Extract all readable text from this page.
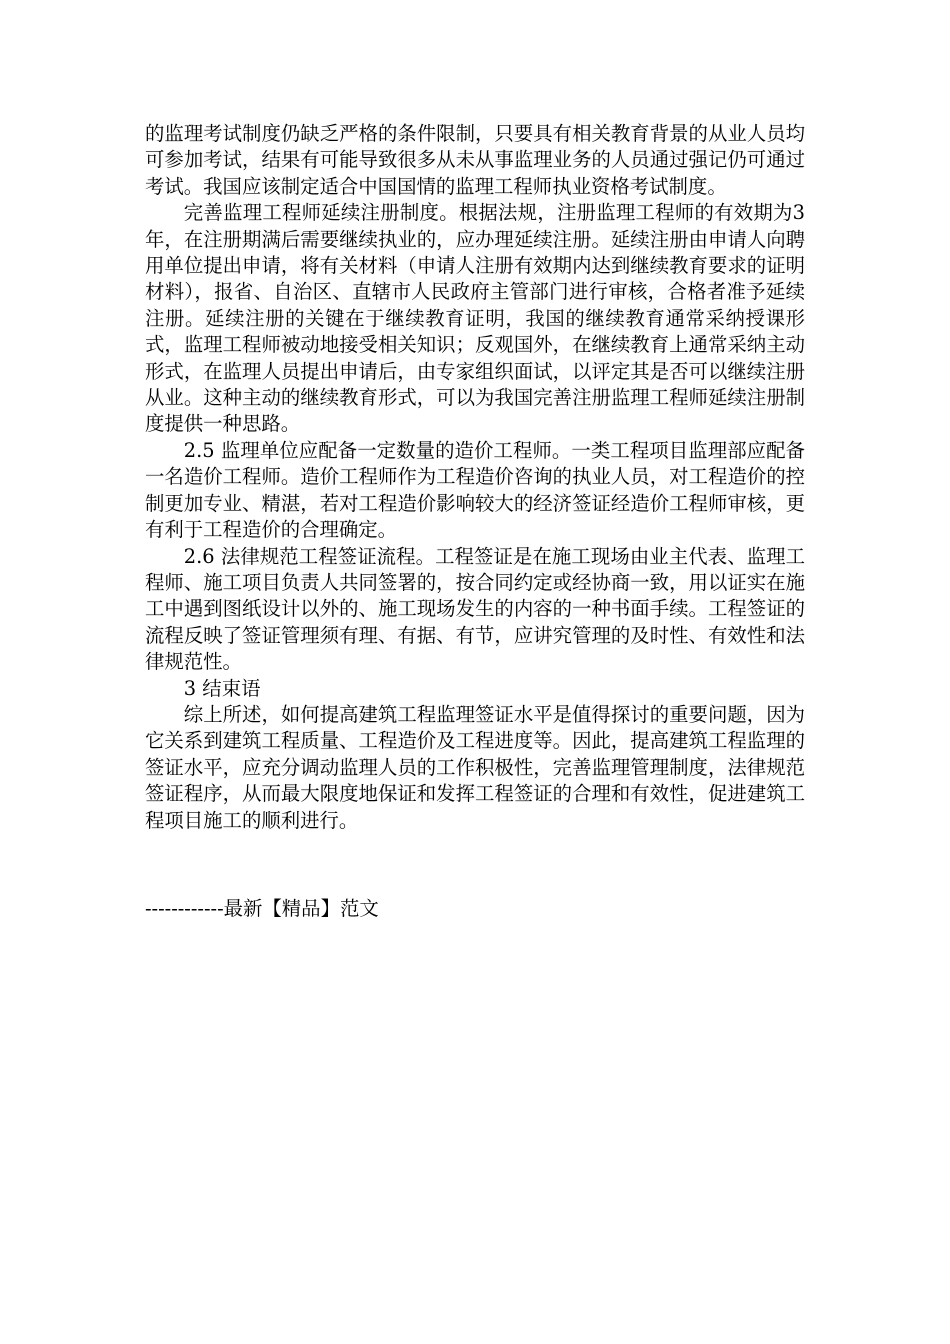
的监理考试制度仍缺乏严格的条件限制，只要具有相关教育背景的从业人员均可参加考试，结果有可能导致很多从未从事监理业务的人员通过强记仍可通过考试。我国应该制定适合中国国情的监理工程师执业资格考试制度。

完善监理工程师延续注册制度。根据法规，注册监理工程师的有效期为3年，在注册期满后需要继续执业的，应办理延续注册。延续注册由申请人向聘用单位提出申请，将有关材料（申请人注册有效期内达到继续教育要求的证明材料），报省、自治区、直辖市人民政府主管部门进行审核，合格者准予延续注册。延续注册的关键在于继续教育证明，我国的继续教育通常采纳授课形式，监理工程师被动地接受相关知识；反观国外，在继续教育上通常采纳主动形式，在监理人员提出申请后，由专家组织面试，以评定其是否可以继续注册从业。这种主动的继续教育形式，可以为我国完善注册监理工程师延续注册制度提供一种思路。

2.5 监理单位应配备一定数量的造价工程师。一类工程项目监理部应配备一名造价工程师。造价工程师作为工程造价咨询的执业人员，对工程造价的控制更加专业、精湛，若对工程造价影响较大的经济签证经造价工程师审核，更有利于工程造价的合理确定。

2.6 法律规范工程签证流程。工程签证是在施工现场由业主代表、监理工程师、施工项目负责人共同签署的，按合同约定或经协商一致，用以证实在施工中遇到图纸设计以外的、施工现场发生的内容的一种书面手续。工程签证的流程反映了签证管理须有理、有据、有节，应讲究管理的及时性、有效性和法律规范性。

3 结束语

综上所述，如何提高建筑工程监理签证水平是值得探讨的重要问题，因为它关系到建筑工程质量、工程造价及工程进度等。因此，提高建筑工程监理的签证水平，应充分调动监理人员的工作积极性，完善监理管理制度，法律规范签证程序，从而最大限度地保证和发挥工程签证的合理和有效性，促进建筑工程项目施工的顺利进行。

------------最新【精品】范文
